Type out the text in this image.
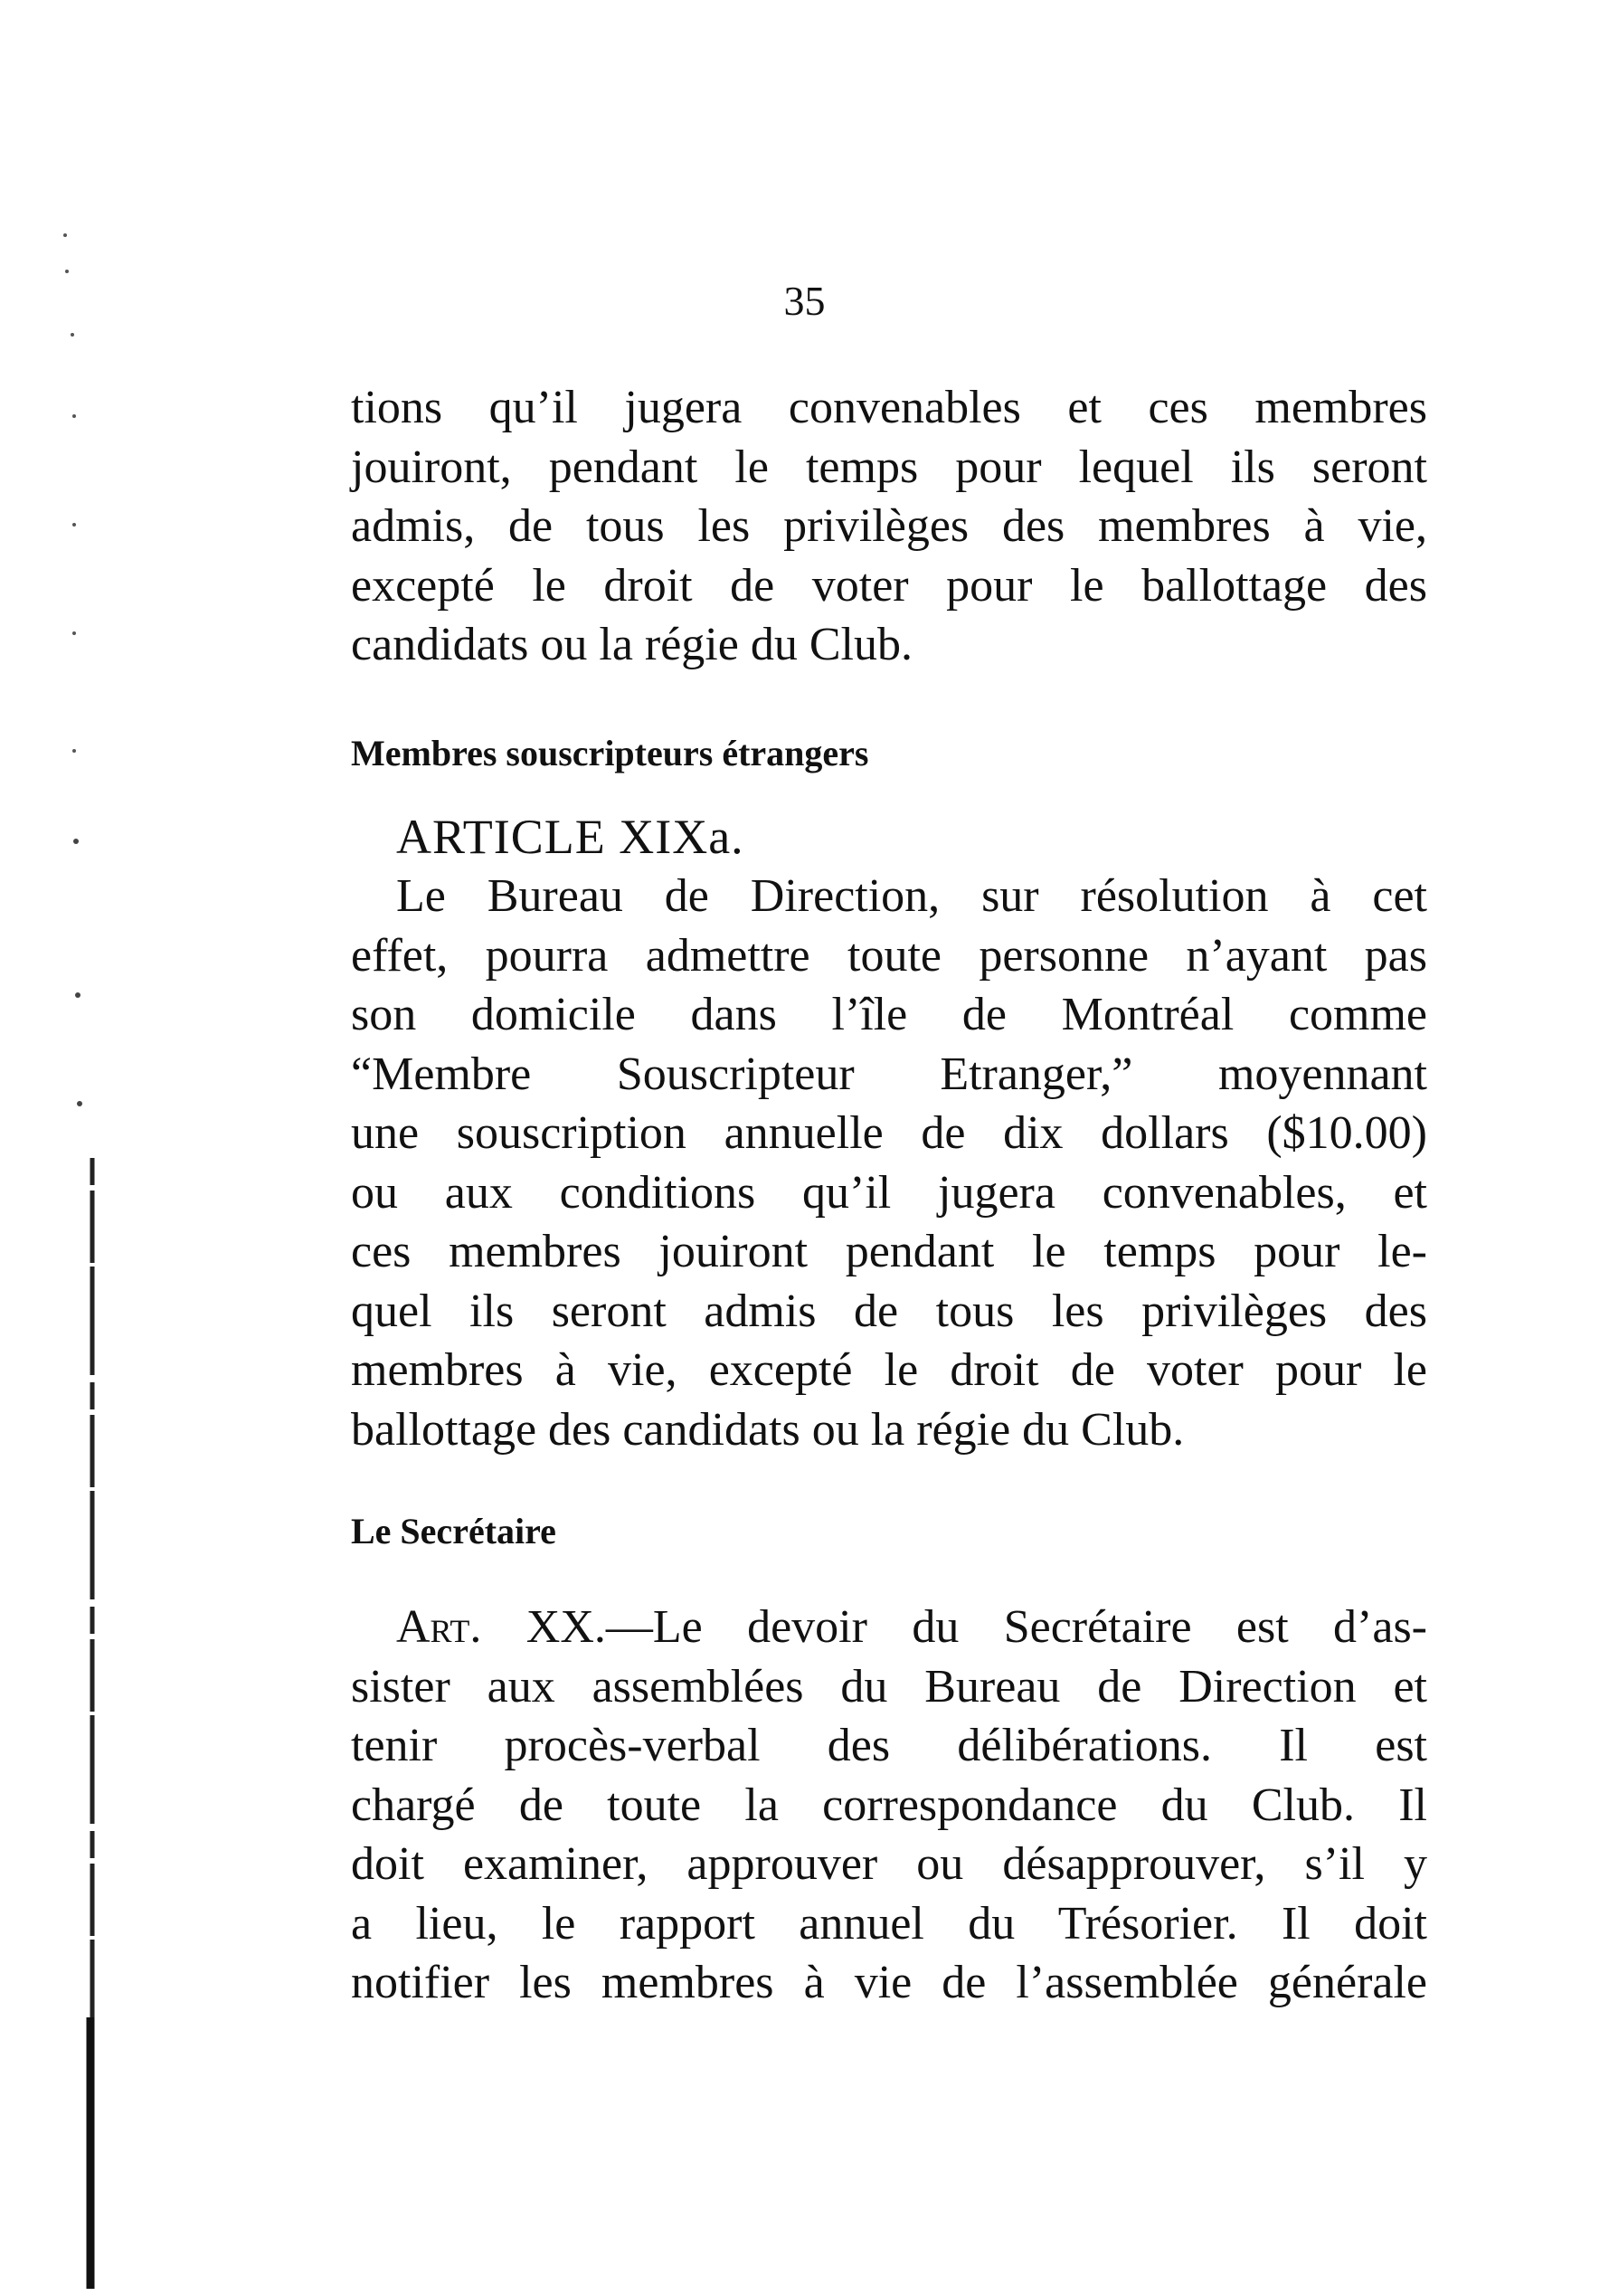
35

tions qu’il jugera convenables et ces membres
jouiront, pendant le temps pour lequel ils seront
admis, de tous les privilèges des membres à vie,
excepté le droit de voter pour le ballottage des
candidats ou la régie du Club.

Membres souscripteurs étrangers
ARTICLE XIXa.

Le Bureau de Direction, sur résolution à cet
effet, pourra admettre toute personne n’ayant pas
son domicile dans l’île de Montréal comme
“Membre Souscripteur Etranger,” moyennant
une souscription annuelle de dix dollars ($10.00)
ou aux conditions qu’il jugera convenables, et
ces membres jouiront pendant le temps pour le-
quel ils seront admis de tous les privilèges des
membres à vie, excepté le droit de voter pour le
ballottage des candidats ou la régie du Club.

Le Secrétaire

Art. XX.—Le devoir du Secrétaire est d’as-
sister aux assemblées du Bureau de Direction et
tenir procès-verbal des délibérations. Il est
chargé de toute la correspondance du Club. Il
doit examiner, approuver ou désapprouver, s’il y
a lieu, le rapport annuel du Trésorier. Il doit
notifier les membres à vie de l’assemblée générale
